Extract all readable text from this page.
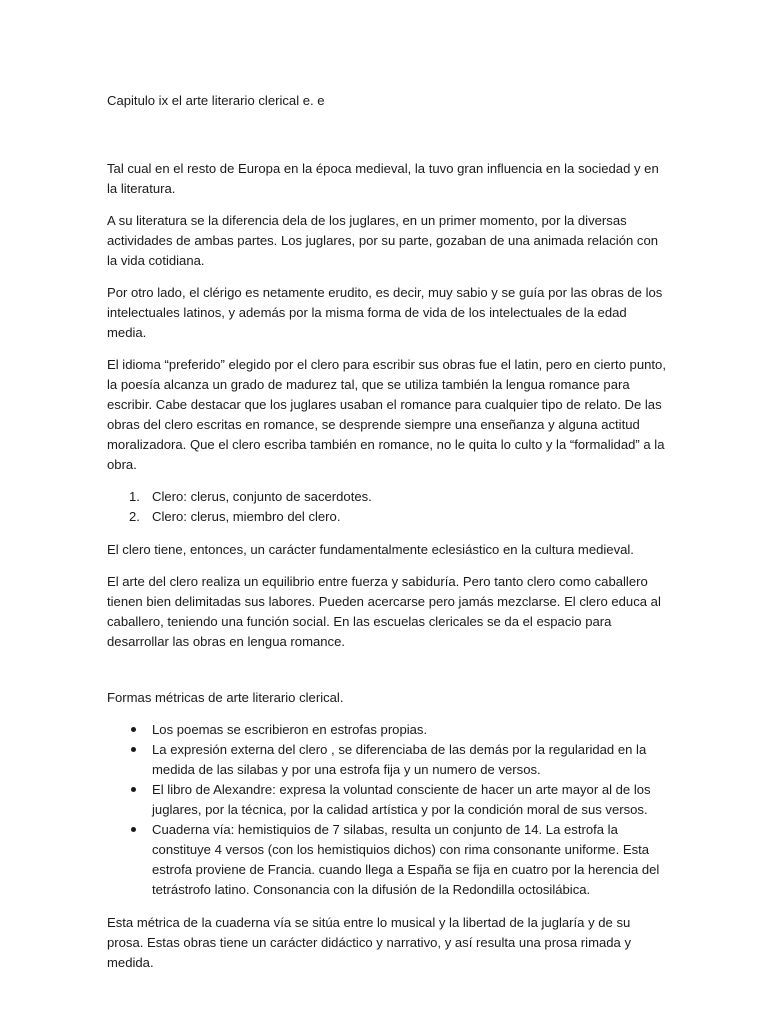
Capitulo ix el arte literario clerical e. e

Tal cual en el resto de Europa en la época medieval, la tuvo gran influencia en la sociedad y en la literatura.

A su literatura se la diferencia dela de los juglares, en un primer momento, por la diversas actividades de ambas partes. Los juglares, por su parte, gozaban de una animada relación con la vida cotidiana.

Por otro lado, el clérigo es netamente erudito, es decir, muy sabio y se guía por las obras de los intelectuales latinos, y además por la misma forma de vida de los intelectuales de la edad media.

El idioma “preferido” elegido por el clero para escribir sus obras fue el latin, pero en cierto punto, la poesía alcanza un grado de madurez tal, que se utiliza también la lengua romance para escribir. Cabe destacar que los juglares usaban el romance para cualquier tipo de relato. De las obras del clero escritas en romance, se desprende siempre una enseñanza y alguna actitud moralizadora. Que el clero escriba también en romance, no le quita lo culto y la “formalidad” a la obra.

1. Clero: clerus, conjunto de sacerdotes.
2. Clero: clerus, miembro del clero.

El clero tiene, entonces, un carácter fundamentalmente eclesiástico en la cultura medieval.

El arte del clero realiza un equilibrio entre fuerza y sabiduría. Pero tanto clero como caballero tienen bien delimitadas sus labores. Pueden acercarse pero jamás mezclarse. El clero educa al caballero, teniendo una función social. En las escuelas clericales se da el espacio para desarrollar las obras en lengua romance.

Formas métricas de arte literario clerical.

Los poemas se escribieron en estrofas propias.
La expresión externa del clero , se diferenciaba de las demás por la regularidad en la medida de las silabas y por una estrofa fija y un numero de versos.
El libro de Alexandre: expresa la voluntad consciente de hacer un arte mayor al de los juglares, por la técnica, por la calidad artística y por la condición moral de sus versos.
Cuaderna vía: hemistiquios de 7 silabas, resulta un conjunto de 14. La estrofa la constituye 4 versos (con los hemistiquios dichos) con rima consonante uniforme. Esta estrofa proviene de Francia. cuando llega a España se fija en cuatro por la herencia del tetrástrofo latino. Consonancia con la difusión de la Redondilla octosilábica.

Esta métrica de la cuaderna vía se sitúa entre lo musical y la libertad de la juglaría y de su prosa. Estas obras tiene un carácter didáctico y narrativo, y así resulta una prosa rimada y medida.
